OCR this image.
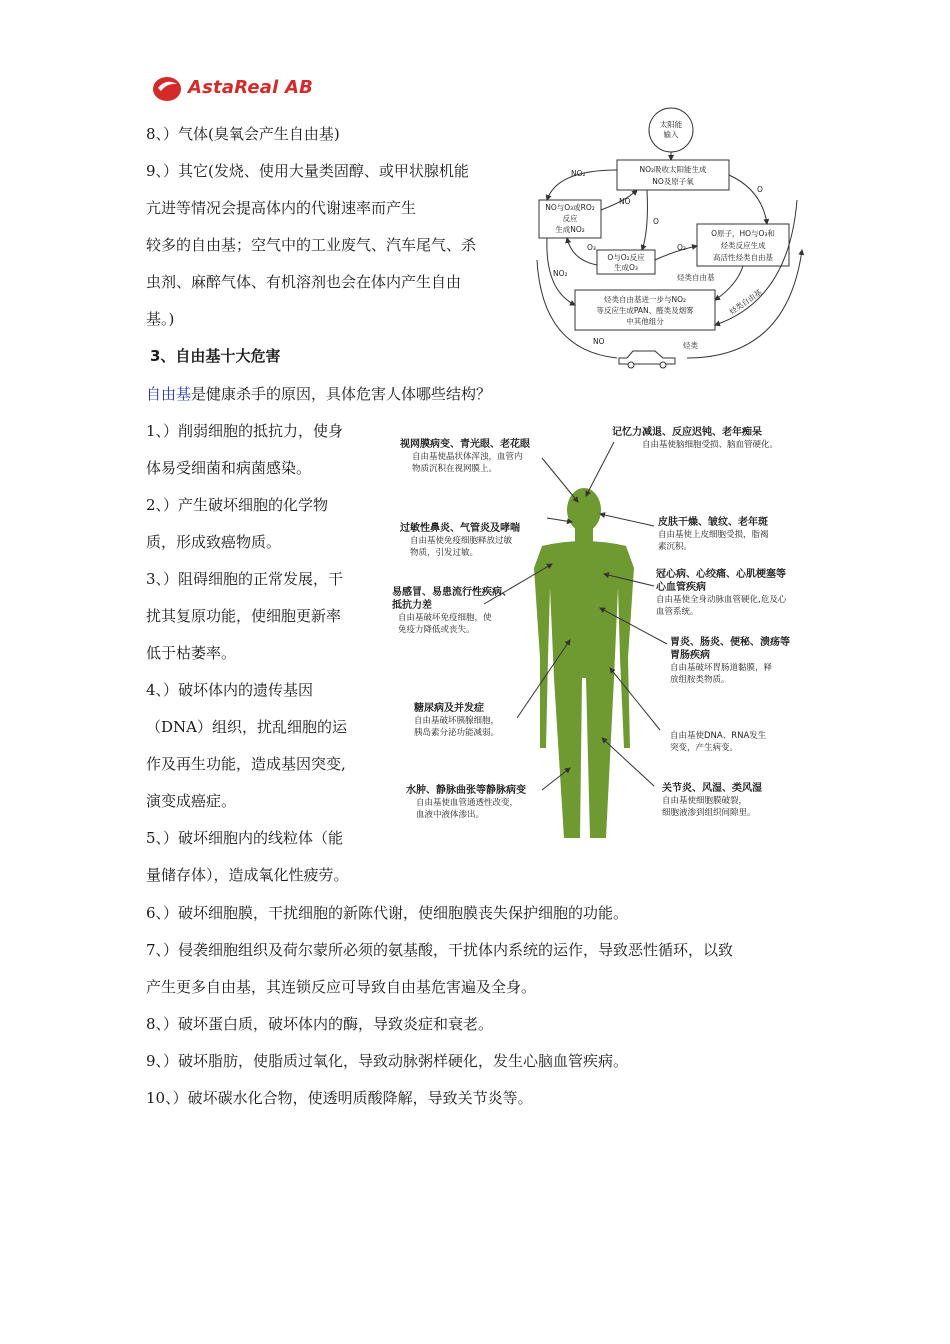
AstaReal AB
8、）气体(臭氧会产生自由基)
9、）其它(发烧、使用大量类固醇、或甲状腺机能
亢进等情况会提高体内的代谢速率而产生
较多的自由基；空气中的工业废气、汽车尾气、杀
虫剂、麻醉气体、有机溶剂也会在体内产生自由
基。)
3、自由基十大危害
自由基是健康杀手的原因，具体危害人体哪些结构？
1、）削弱细胞的抵抗力，使身
体易受细菌和病菌感染。
2、）产生破坏细胞的化学物
质，形成致癌物质。
3、）阻碍细胞的正常发展，干
扰其复原功能，使细胞更新率
低于枯萎率。
4、）破坏体内的遗传基因
（DNA）组织，扰乱细胞的运
作及再生功能，造成基因突变,
演变成癌症。
5、）破坏细胞内的线粒体（能
量储存体），造成氧化性疲劳。
6、）破坏细胞膜，干扰细胞的新陈代谢，使细胞膜丧失保护细胞的功能。
7、）侵袭细胞组织及荷尔蒙所必须的氨基酸，干扰体内系统的运作，导致恶性循环，以致
产生更多自由基，其连锁反应可导致自由基危害遍及全身。
8、）破坏蛋白质，破坏体内的酶，导致炎症和衰老。
9、）破坏脂肪，使脂质过氧化，导致动脉粥样硬化，发生心脑血管疾病。
10、）破坏碳水化合物，使透明质酸降解，导致关节炎等。
太阳能
输入
NO₂吸收太阳能生成
NO及原子氧
NO与O₃或RO₂
反应
生成NO₂
O与O₂反应
生成O₃
O原子，HO与O₃和
烃类反应生成
高活性烃类自由基
烃类自由基进一步与NO₂
等反应生成PAN、醛类及烟雾
中其他组分
NO₂
NO
O
O
O₃	O₂
NO₂	烃类自由基
烃类自由基
NO	烃类
视网膜病变、青光眼、老花眼
自由基使晶状体浑浊，血管内
物质沉积在视网膜上。
记忆力减退、反应迟钝、老年痴呆
自由基使脑细胞受损、脑血管硬化。
过敏性鼻炎、气管炎及哮喘
自由基使免疫细胞释放过敏
物质，引发过敏。
皮肤干燥、皱纹、老年斑
自由基使上皮细胞受损，脂褐
素沉积。
冠心病、心绞痛、心肌梗塞等
心血管疾病
自由基使全身动脉血管硬化,危及心
血管系统。
易感冒、易患流行性疾病、
抵抗力差
自由基破坏免疫细胞，使
免疫力降低或丧失。
胃炎、肠炎、便秘、溃疡等
胃肠疾病
自由基破坏胃肠道黏膜，释
放组胺类物质。
糖尿病及并发症
自由基破坏胰腺细胞，
胰岛素分泌功能减弱。	自由基使DNA、RNA发生
突变，产生病变。
水肿、静脉曲张等静脉病变
自由基使血管通透性改变，
血液中液体渗出。
关节炎、风湿、类风湿
自由基使细胞膜破裂，
细胞液渗到组织间隙里。
